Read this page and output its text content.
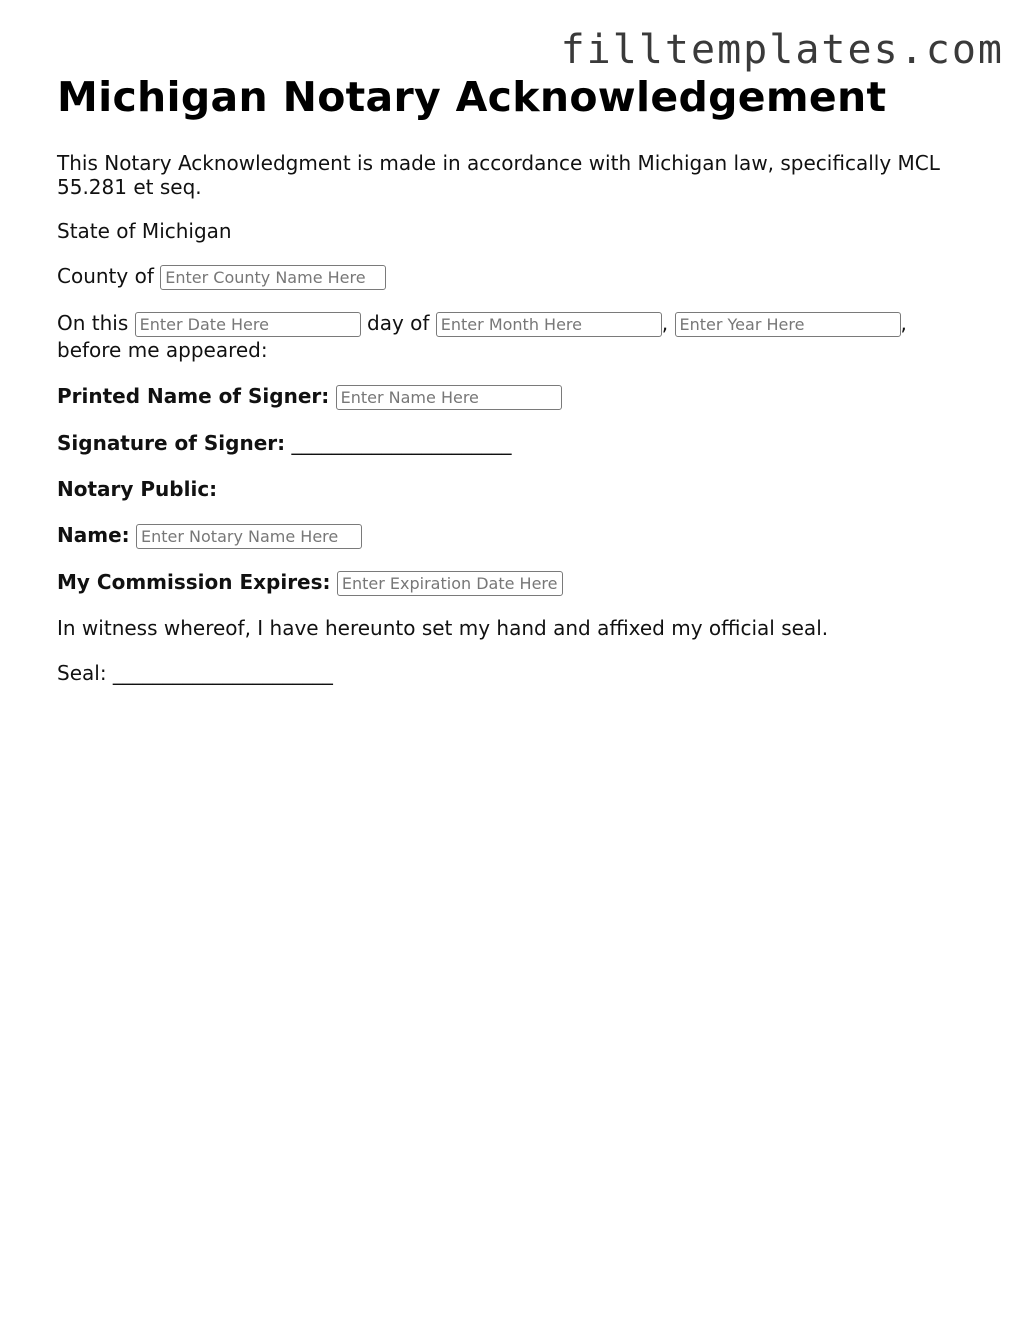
filltemplates.com
Michigan Notary Acknowledgement

This Notary Acknowledgment is made in accordance with Michigan law, specifically MCL 55.281 et seq.

State of Michigan

County of Enter County Name Here
On this Enter Date Here	day of Enter Month Here	, Enter Year Here	,
before me appeared:
Printed Name of Signer: Enter Name Here
Signature of Signer: ______________________
Notary Public:
Name: Enter Notary Name Here
My Commission Expires: Enter Expiration Date Here

In witness whereof, I have hereunto set my hand and affixed my official seal.

Seal: ______________________
